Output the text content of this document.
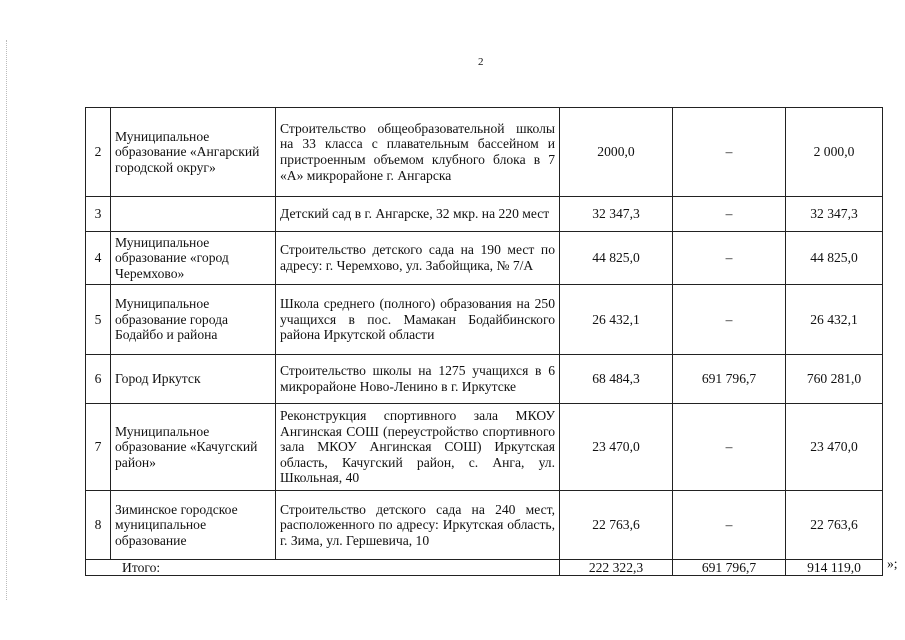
2
2	Муниципальное образование «Ангарский городской округ»	Строительство общеобразовательной школы на 33 класса с плавательным бассейном и пристроенным объемом клубного блока в 7 «А» микрорайоне г. Ангарска	2000,0	–	2 000,0
3		Детский сад в г. Ангарске, 32 мкр. на 220 мест	32 347,3	–	32 347,3
4	Муниципальное образование «город Черемхово»	Строительство детского сада на 190 мест по адресу: г. Черемхово, ул. Забойщика, № 7/А	44 825,0	–	44 825,0
5	Муниципальное образование города Бодайбо и района	Школа среднего (полного) образования на 250 учащихся в пос. Мамакан Бодайбинского района Иркутской области	26 432,1	–	26 432,1
6	Город Иркутск	Строительство школы на 1275 учащихся в 6 микрорайоне Ново-Ленино в г. Иркутске	68 484,3	691 796,7	760 281,0
7	Муниципальное образование «Качугский район»	Реконструкция спортивного зала МКОУ Ангинская СОШ (переустройство спортивного зала МКОУ Ангинская СОШ) Иркутская область, Качугский район, с. Анга, ул. Школьная, 40	23 470,0	–	23 470,0
8	Зиминское городское муниципальное образование	Строительство детского сада на 240 мест, расположенного по адресу: Иркутская область, г. Зима, ул. Гершевича, 10	22 763,6	–	22 763,6
Итого:			222 322,3	691 796,7	914 119,0 »;
